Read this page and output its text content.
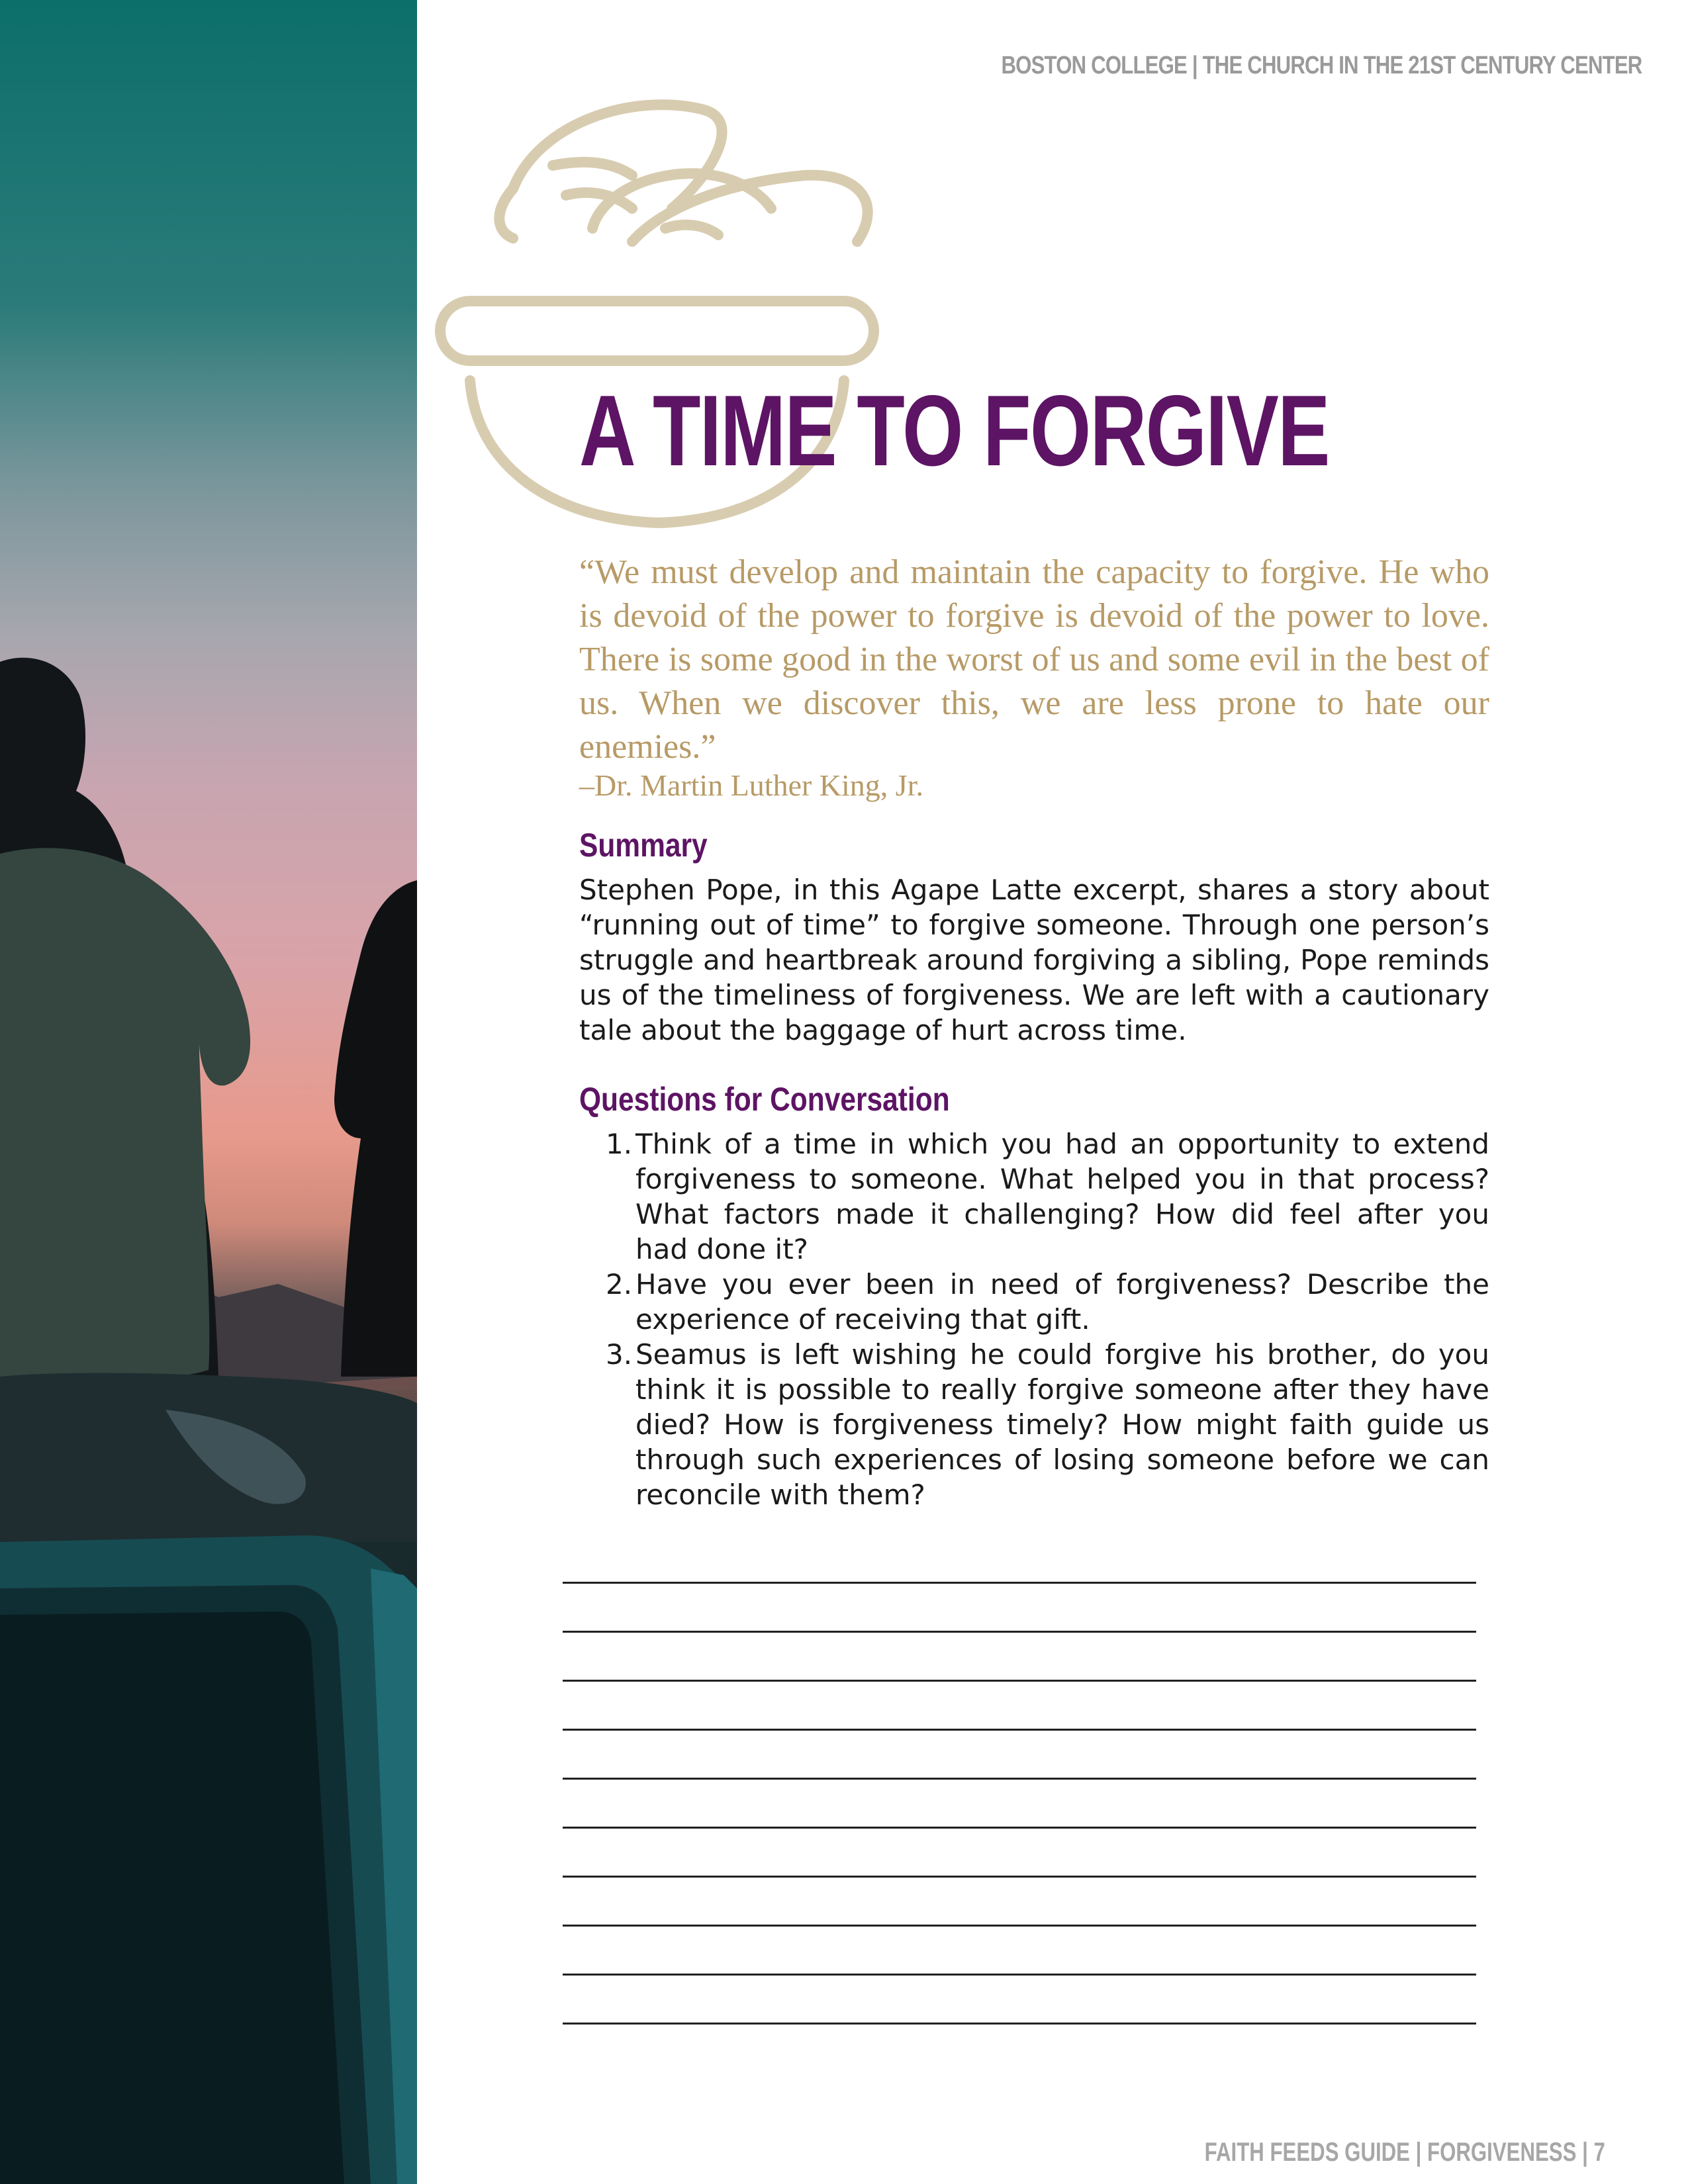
BOSTON COLLEGE | THE CHURCH IN THE 21ST CENTURY CENTER
A TIME TO FORGIVE

“We must develop and maintain the capacity to forgive. He who is devoid of the power to forgive is devoid of the power to love. There is some good in the worst of us and some evil in the best of us. When we discover this, we are less prone to hate our enemies.”

–Dr. Martin Luther King, Jr.

Summary

Stephen Pope, in this Agape Latte excerpt, shares a story about “running out of time” to forgive someone. Through one person’s struggle and heartbreak around forgiving a sibling, Pope reminds us of the timeliness of forgiveness. We are left with a cautionary tale about the baggage of hurt across time.

Questions for Conversation
1. Think of a time in which you had an opportunity to extend forgiveness to someone. What helped you in that process? What factors made it challenging? How did feel after you had done it?
2. Have you ever been in need of forgiveness? Describe the experience of receiving that gift.
3. Seamus is left wishing he could forgive his brother, do you think it is possible to really forgive someone after they have died? How is forgiveness timely? How might faith guide us through such experiences of losing someone before we can reconcile with them?
FAITH FEEDS GUIDE | FORGIVENESS | 7
